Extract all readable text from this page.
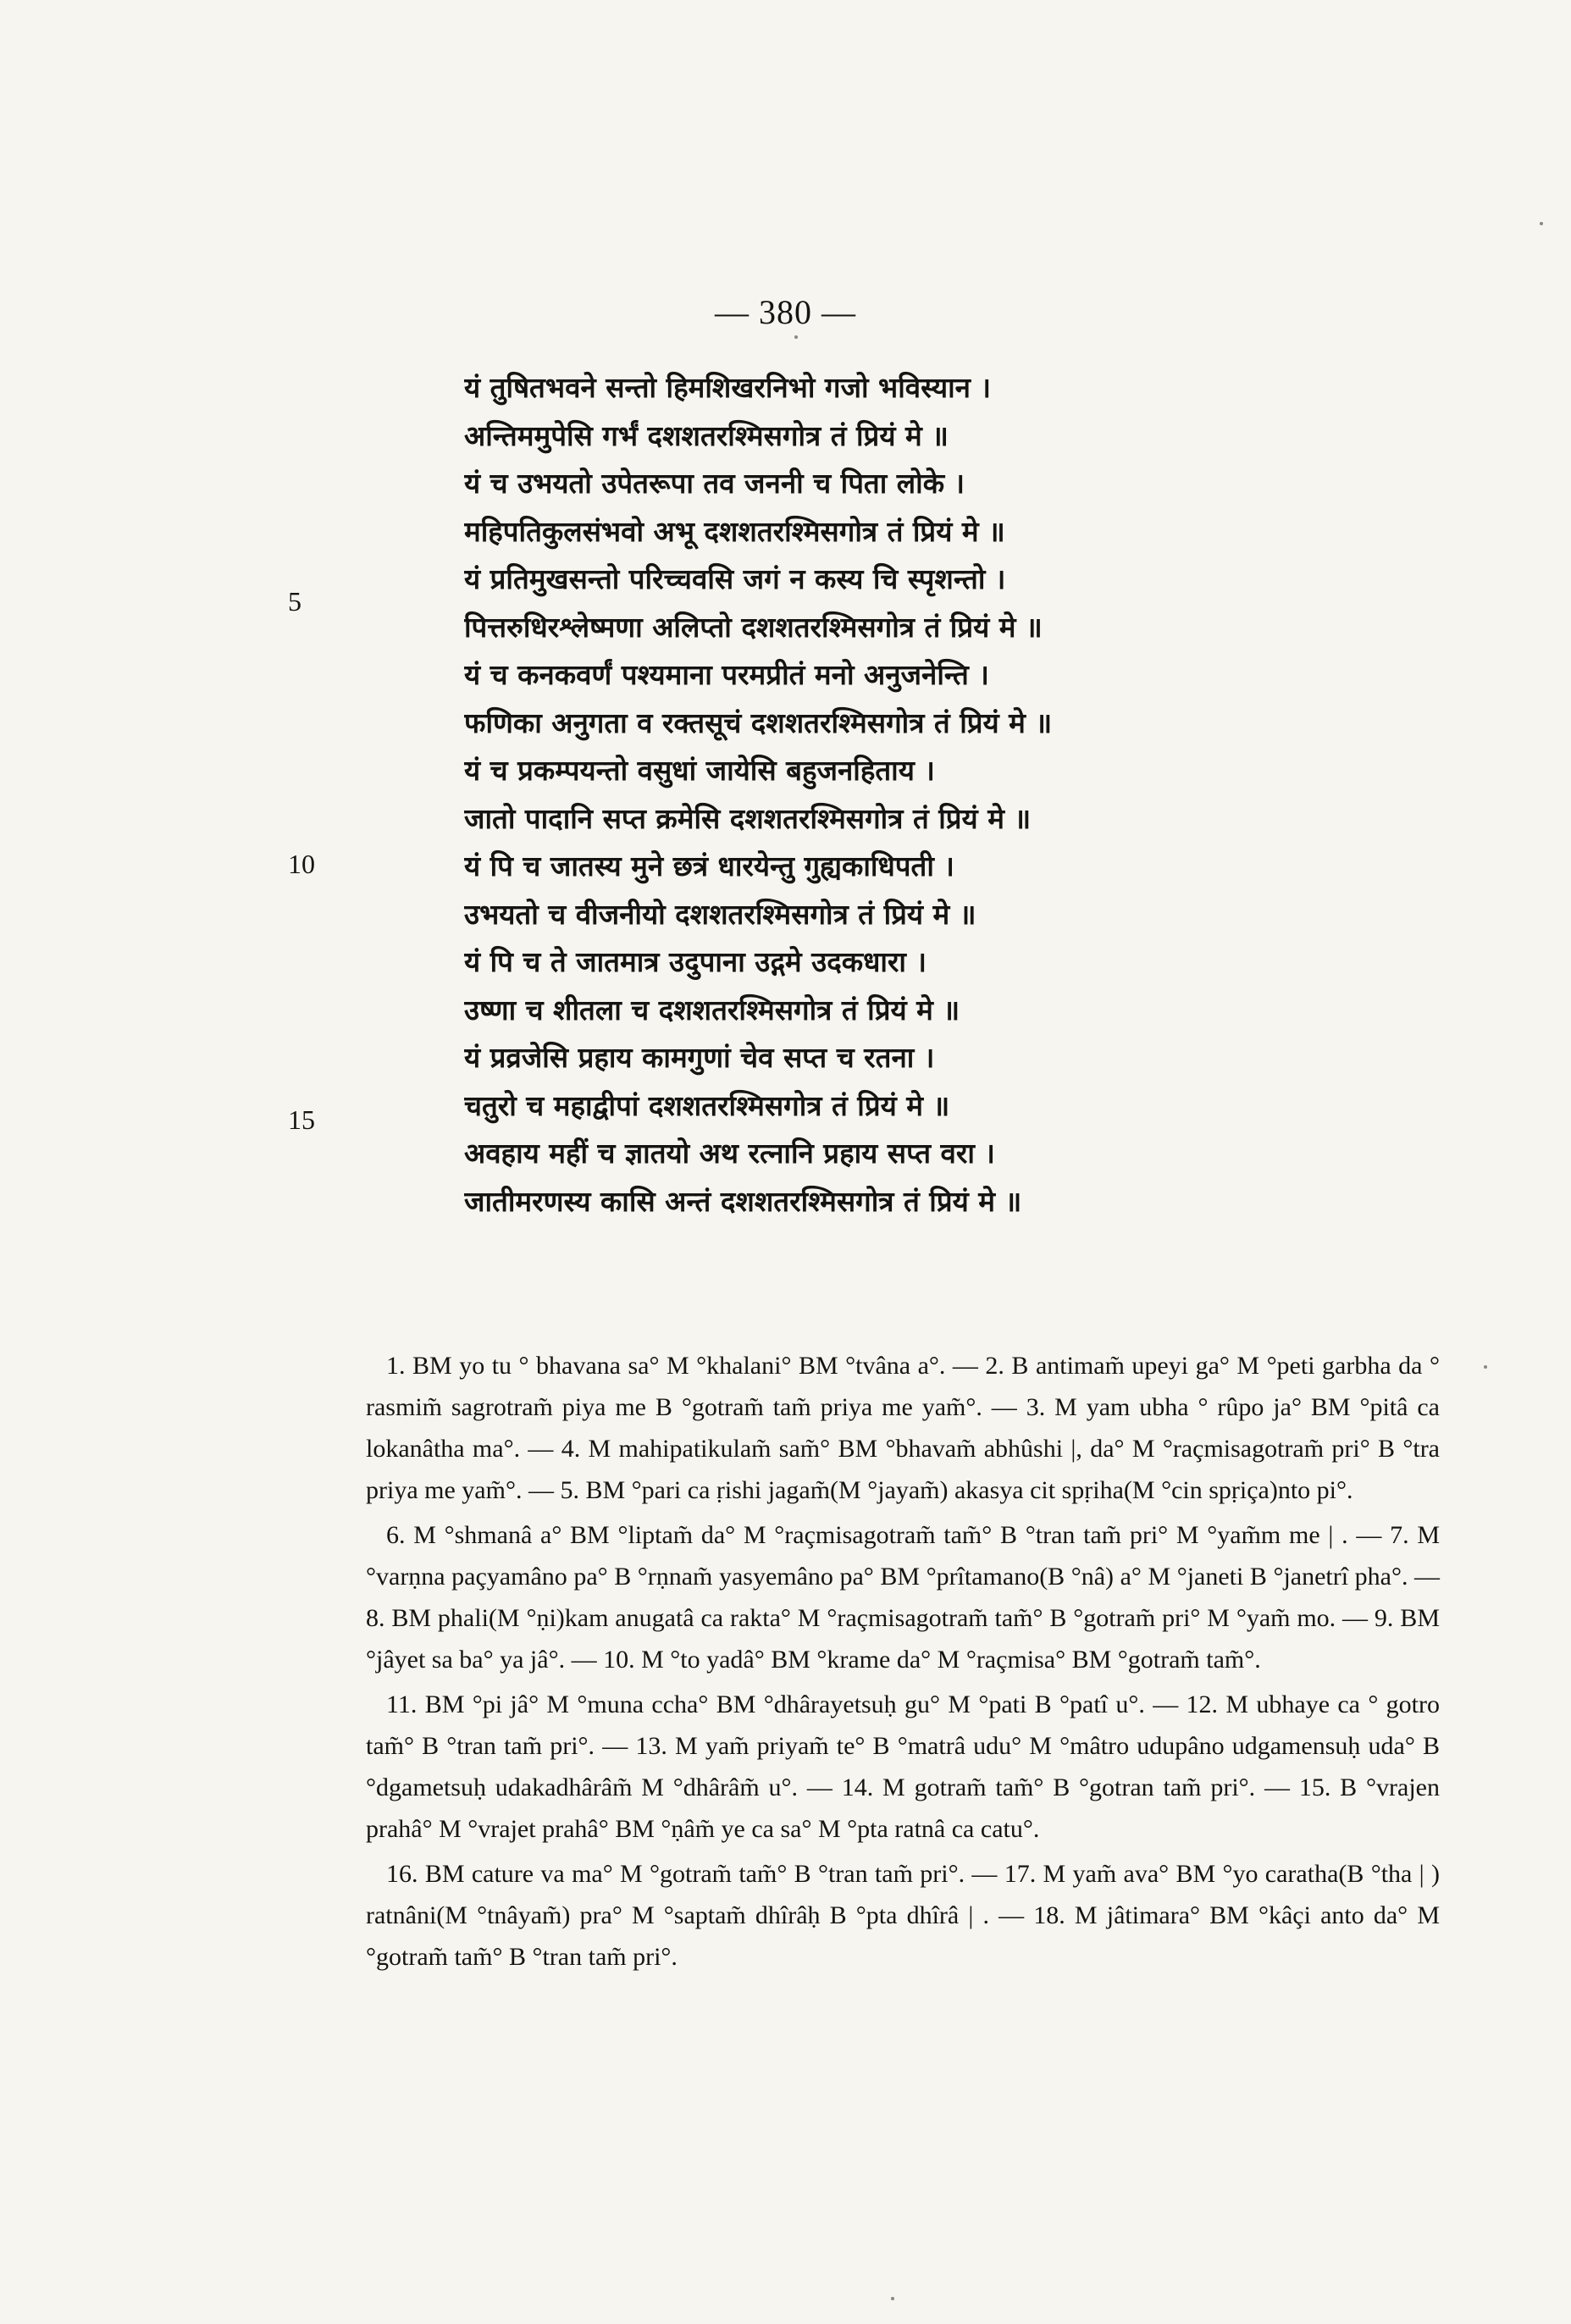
— 380 —
5
10
15
यं तुषितभवने सन्तो हिमशिखरनिभो गजो भविस्यान ।
अन्तिममुपेसि गर्भं दशशतरश्मिसगोत्र तं प्रियं मे ॥
यं च उभयतो उपेतरूपा तव जननी च पिता लोके ।
महिपतिकुलसंभवो अभू दशशतरश्मिसगोत्र तं प्रियं मे ॥
यं प्रतिमुखसन्तो परिच्चवसि जगं न कस्य चि स्पृशन्तो ।
पित्तरुधिरश्लेष्मणा अलिप्तो दशशतरश्मिसगोत्र तं प्रियं मे ॥
यं च कनकवर्णं पश्यमाना परमप्रीतं मनो अनुजनेन्ति ।
फणिका अनुगता व रक्तसूचं दशशतरश्मिसगोत्र तं प्रियं मे ॥
यं च प्रकम्पयन्तो वसुधां जायेसि बहुजनहिताय ।
जातो पादानि सप्त क्रमेसि दशशतरश्मिसगोत्र तं प्रियं मे ॥
यं पि च जातस्य मुने छत्रं धारयेन्तु गुह्यकाधिपती ।
उभयतो च वीजनीयो दशशतरश्मिसगोत्र तं प्रियं मे ॥
यं पि च ते जातमात्र उदुपाना उद्गमे उदकधारा ।
उष्णा च शीतला च दशशतरश्मिसगोत्र तं प्रियं मे ॥
यं प्रव्रजेसि प्रहाय कामगुणां चेव सप्त च रतना ।
चतुरो च महाद्वीपां दशशतरश्मिसगोत्र तं प्रियं मे ॥
अवहाय महीं च ज्ञातयो अथ रत्नानि प्रहाय सप्त वरा ।
जातीमरणस्य कासि अन्तं दशशतरश्मिसगोत्र तं प्रियं मे ॥

1. BM yo tu ° bhavana sa° M °khalani° BM °tvâna a°. — 2. B antimam̃ upeyi ga° M °peti garbha da ° rasmim̃ sagrotram̃ piya me B °gotram̃ tam̃ priya me yam̃°. — 3. M yam ubha ° rûpo ja° BM °pitâ ca lokanâtha ma°. — 4. M mahipatikulam̃ sam̃° BM °bhavam̃ abhûshi |, da° M °raçmisagotram̃ pri° B °tra priya me yam̃°. — 5. BM °pari ca ṛishi jagam̃(M °jayam̃) akasya cit spṛiha(M °cin spṛiça)nto pi°.

6. M °shmanâ a° BM °liptam̃ da° M °raçmisagotram̃ tam̃° B °tran tam̃ pri° M °yam̃m me | . — 7. M °varṇna paçyamâno pa° B °rṇnam̃ yasyemâno pa° BM °prîtamano(B °nâ) a° M °janeti B °janetrî pha°. — 8. BM phali(M °ṇi)kam anugatâ ca rakta° M °raçmisagotram̃ tam̃° B °gotram̃ pri° M °yam̃ mo. — 9. BM °jâyet sa ba° ya jâ°. — 10. M °to yadâ° BM °krame da° M °raçmisa° BM °gotram̃ tam̃°.

11. BM °pi jâ° M °muna ccha° BM °dhârayetsuḥ gu° M °pati B °patî u°. — 12. M ubhaye ca ° gotro tam̃° B °tran tam̃ pri°. — 13. M yam̃ priyam̃ te° B °matrâ udu° M °mâtro udupâno udgamensuḥ uda° B °dgametsuḥ udakadhârâm̃ M °dhârâm̃ u°. — 14. M gotram̃ tam̃° B °gotran tam̃ pri°. — 15. B °vrajen prahâ° M °vrajet prahâ° BM °ṇâm̃ ye ca sa° M °pta ratnâ ca catu°.

16. BM cature va ma° M °gotram̃ tam̃° B °tran tam̃ pri°. — 17. M yam̃ ava° BM °yo caratha(B °tha | ) ratnâni(M °tnâyam̃) pra° M °saptam̃ dhîrâḥ B °pta dhîrâ | . — 18. M jâtimara° BM °kâçi anto da° M °gotram̃ tam̃° B °tran tam̃ pri°.
